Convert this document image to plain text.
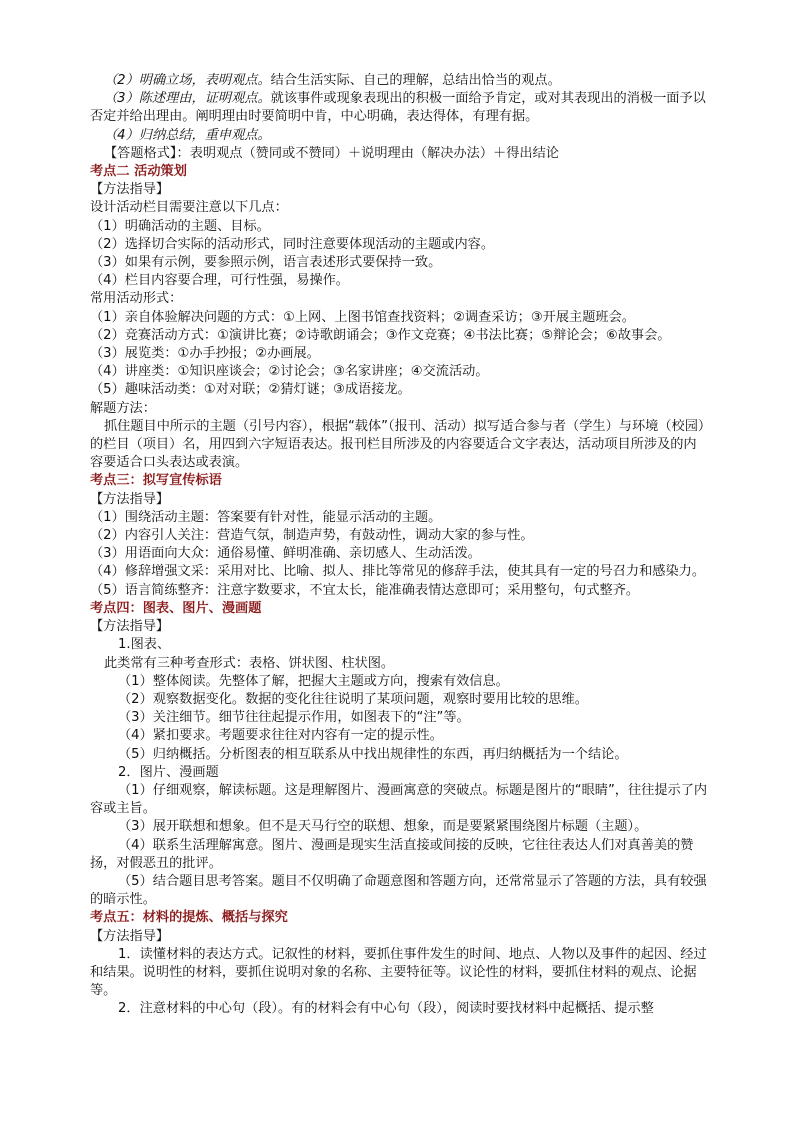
（2）明确立场，表明观点。结合生活实际、自己的理解，总结出恰当的观点。
（3）陈述理由，证明观点。就该事件或现象表现出的积极一面给予肯定，或对其表现出的消极一面予以否定并给出理由。阐明理由时要简明中肯，中心明确，表达得体，有理有据。
（4）归纳总结，重申观点。
【答题格式】：表明观点（赞同或不赞同）＋说明理由（解决办法）＋得出结论
考点二 活动策划
【方法指导】
设计活动栏目需要注意以下几点：
（1）明确活动的主题、目标。
（2）选择切合实际的活动形式，同时注意要体现活动的主题或内容。
（3）如果有示例，要参照示例，语言表述形式要保持一致。
（4）栏目内容要合理，可行性强，易操作。
常用活动形式：
（1）亲自体验解决问题的方式：①上网、上图书馆查找资料；②调查采访；③开展主题班会。
（2）竞赛活动方式：①演讲比赛；②诗歌朗诵会；③作文竞赛；④书法比赛；⑤辩论会；⑥故事会。
（3）展览类：①办手抄报；②办画展。
（4）讲座类：①知识座谈会；②讨论会；③名家讲座；④交流活动。
（5）趣味活动类：①对对联；②猜灯谜；③成语接龙。
解题方法：
抓住题目中所示的主题（引号内容），根据“载体”（报刊、活动）拟写适合参与者（学生）与环境（校园）的栏目（项目）名，用四到六字短语表达。报刊栏目所涉及的内容要适合文字表达，活动项目所涉及的内容要适合口头表达或表演。
考点三：拟写宣传标语
【方法指导】
（1）围绕活动主题：答案要有针对性，能显示活动的主题。
（2）内容引人关注：营造气氛，制造声势，有鼓动性，调动大家的参与性。
（3）用语面向大众：通俗易懂、鲜明准确、亲切感人、生动活泼。
（4）修辞增强文采：采用对比、比喻、拟人、排比等常见的修辞手法，使其具有一定的号召力和感染力。
（5）语言简练整齐：注意字数要求，不宜太长，能准确表情达意即可；采用整句，句式整齐。
考点四：图表、图片、漫画题
【方法指导】
1.图表、
此类常有三种考查形式：表格、饼状图、柱状图。
（1）整体阅读。先整体了解，把握大主题或方向，搜索有效信息。
（2）观察数据变化。数据的变化往往说明了某项问题，观察时要用比较的思维。
（3）关注细节。细节往往起提示作用，如图表下的“注”等。
（4）紧扣要求。考题要求往往对内容有一定的提示性。
（5）归纳概括。分析图表的相互联系从中找出规律性的东西，再归纳概括为一个结论。
2．图片、漫画题
（1）仔细观察，解读标题。这是理解图片、漫画寓意的突破点。标题是图片的“眼睛”，往往提示了内容或主旨。
（3）展开联想和想象。但不是天马行空的联想、想象，而是要紧紧围绕图片标题（主题）。
（4）联系生活理解寓意。图片、漫画是现实生活直接或间接的反映，它往往表达人们对真善美的赞扬，对假恶丑的批评。
（5）结合题目思考答案。题目不仅明确了命题意图和答题方向，还常常显示了答题的方法，具有较强的暗示性。
考点五：材料的提炼、概括与探究
【方法指导】
1．读懂材料的表达方式。记叙性的材料，要抓住事件发生的时间、地点、人物以及事件的起因、经过和结果。说明性的材料，要抓住说明对象的名称、主要特征等。议论性的材料，要抓住材料的观点、论据等。
2．注意材料的中心句（段）。有的材料会有中心句（段），阅读时要找材料中起概括、提示整
